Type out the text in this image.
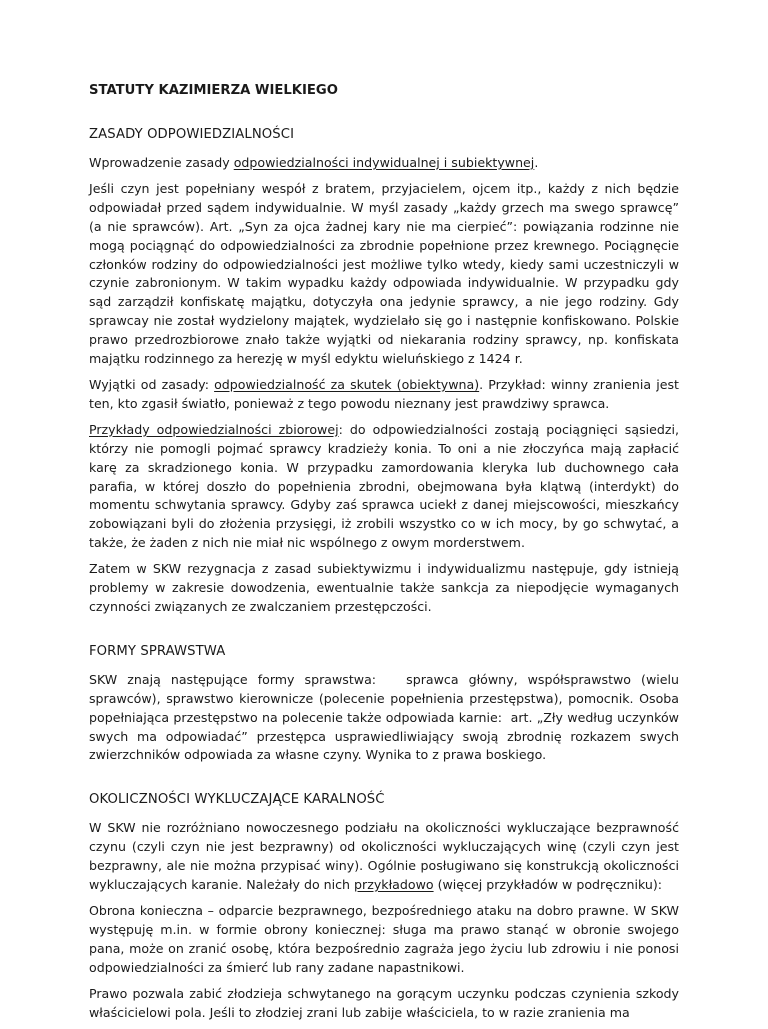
STATUTY KAZIMIERZA WIELKIEGO

ZASADY ODPOWIEDZIALNOŚCI

Wprowadzenie zasady odpowiedzialności indywidualnej i subiektywnej.

Jeśli czyn jest popełniany wespół z bratem, przyjacielem, ojcem itp., każdy z nich będzie odpowiadał przed sądem indywidualnie. W myśl zasady „każdy grzech ma swego sprawcę” (a nie sprawców). Art. „Syn za ojca żadnej kary nie ma cierpieć”: powiązania rodzinne nie mogą pociągnąć do odpowiedzialności za zbrodnie popełnione przez krewnego. Pociągnęcie członków rodziny do odpowiedzialności jest możliwe tylko wtedy, kiedy sami uczestniczyli w czynie zabronionym. W takim wypadku każdy odpowiada indywidualnie. W przypadku gdy sąd zarządził konfiskatę majątku, dotyczyła ona jedynie sprawcy, a nie jego rodziny. Gdy sprawcay nie został wydzielony majątek, wydzielało się go i następnie konfiskowano. Polskie prawo przedrozbiorowe znało także wyjątki od niekarania rodziny sprawcy, np. konfiskata majątku rodzinnego za herezję w myśl edyktu wieluńskiego z 1424 r.

Wyjątki od zasady: odpowiedzialność za skutek (obiektywna). Przykład: winny zranienia jest ten, kto zgasił światło, ponieważ z tego powodu nieznany jest prawdziwy sprawca.

Przykłady odpowiedzialności zbiorowej: do odpowiedzialności zostają pociągnięci sąsiedzi, którzy nie pomogli pojmać sprawcy kradzieży konia. To oni a nie złoczyńca mają zapłacić karę za skradzionego konia. W przypadku zamordowania kleryka lub duchownego cała parafia, w której doszło do popełnienia zbrodni, obejmowana była klątwą (interdykt) do momentu schwytania sprawcy. Gdyby zaś sprawca uciekł z danej miejscowości, mieszkańcy zobowiązani byli do złożenia przysięgi, iż zrobili wszystko co w ich mocy, by go schwytać, a także, że żaden z nich nie miał nic wspólnego z owym morderstwem.

Zatem w SKW rezygnacja z zasad subiektywizmu i indywidualizmu następuje, gdy istnieją problemy w zakresie dowodzenia, ewentualnie także sankcja za niepodjęcie wymaganych czynności związanych ze zwalczaniem przestępczości.

FORMY SPRAWSTWA

SKW znają następujące formy sprawstwa:   sprawca główny, współsprawstwo (wielu sprawców), sprawstwo kierownicze (polecenie popełnienia przestępstwa), pomocnik. Osoba popełniająca przestępstwo na polecenie także odpowiada karnie:  art. „Zły według uczynków swych ma odpowiadać” przestępca usprawiedliwiający swoją zbrodnię rozkazem swych zwierzchników odpowiada za własne czyny. Wynika to z prawa boskiego.

OKOLICZNOŚCI WYKLUCZAJĄCE KARALNOŚĆ

W SKW nie rozróżniano nowoczesnego podziału na okoliczności wykluczające bezprawność czynu (czyli czyn nie jest bezprawny) od okoliczności wykluczających winę (czyli czyn jest bezprawny, ale nie można przypisać winy). Ogólnie posługiwano się konstrukcją okoliczności wykluczających karanie. Należały do nich przykładowo (więcej przykładów w podręczniku):

Obrona konieczna – odparcie bezprawnego, bezpośredniego ataku na dobro prawne. W SKW występuję m.in. w formie obrony koniecznej: sługa ma prawo stanąć w obronie swojego pana, może on zranić osobę, która bezpośrednio zagraża jego życiu lub zdrowiu i nie ponosi odpowiedzialności za śmierć lub rany zadane napastnikowi.

Prawo pozwala zabić złodzieja schwytanego na gorącym uczynku podczas czynienia szkody właścicielowi pola. Jeśli to złodziej zrani lub zabije właściciela, to w razie zranienia ma
